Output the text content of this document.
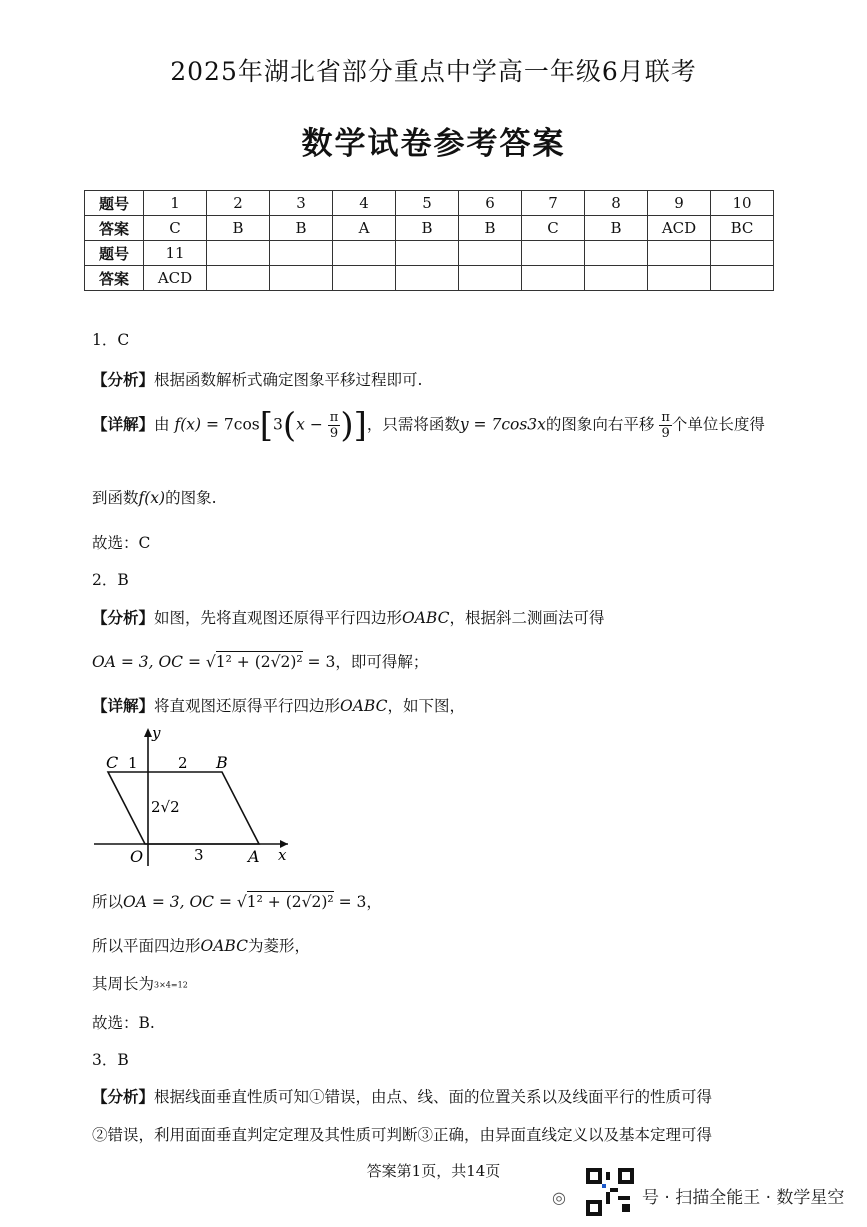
2025年湖北省部分重点中学高一年级6月联考
数学试卷参考答案
题号	1	2	3	4	5	6	7	8	9	10
答案	C	B	B	A	B	B	C	B	ACD	BC
题号	11									
答案	ACD									
1．C
【分析】根据函数解析式确定图象平移过程即可.
【详解】由 $f(x) = 7\cos[3(x - \frac{\pi}{9}$ )]，只需将函数y = 7cos3x的图象向右平移 $\frac{\pi}{9}$ 个单位长度得
到函数f(x)的图象.
故选：C
2．B
【分析】如图，先将直观图还原得平行四边形OABC，根据斜二测画法可得
OA = 3, OC = √1² + (2√2)² = 3，即可得解；
【详解】将直观图还原得平行四边形OABC，如下图，
y
x
C	B
O	A
1	2
3
2√2
所以OA = 3, OC = √1² + (2√2)² = 3，
所以平面四边形OABC为菱形，
其周长为3×4=12
故选：B.
3．B
【分析】根据线面垂直性质可知①错误，由点、线、面的位置关系以及线面平行的性质可得
②错误，利用面面垂直判定定理及其性质可判断③正确，由异面直线定义以及基本定理可得
答案第1页，共14页
◎	号 · 扫描全能王 · 数学星空
